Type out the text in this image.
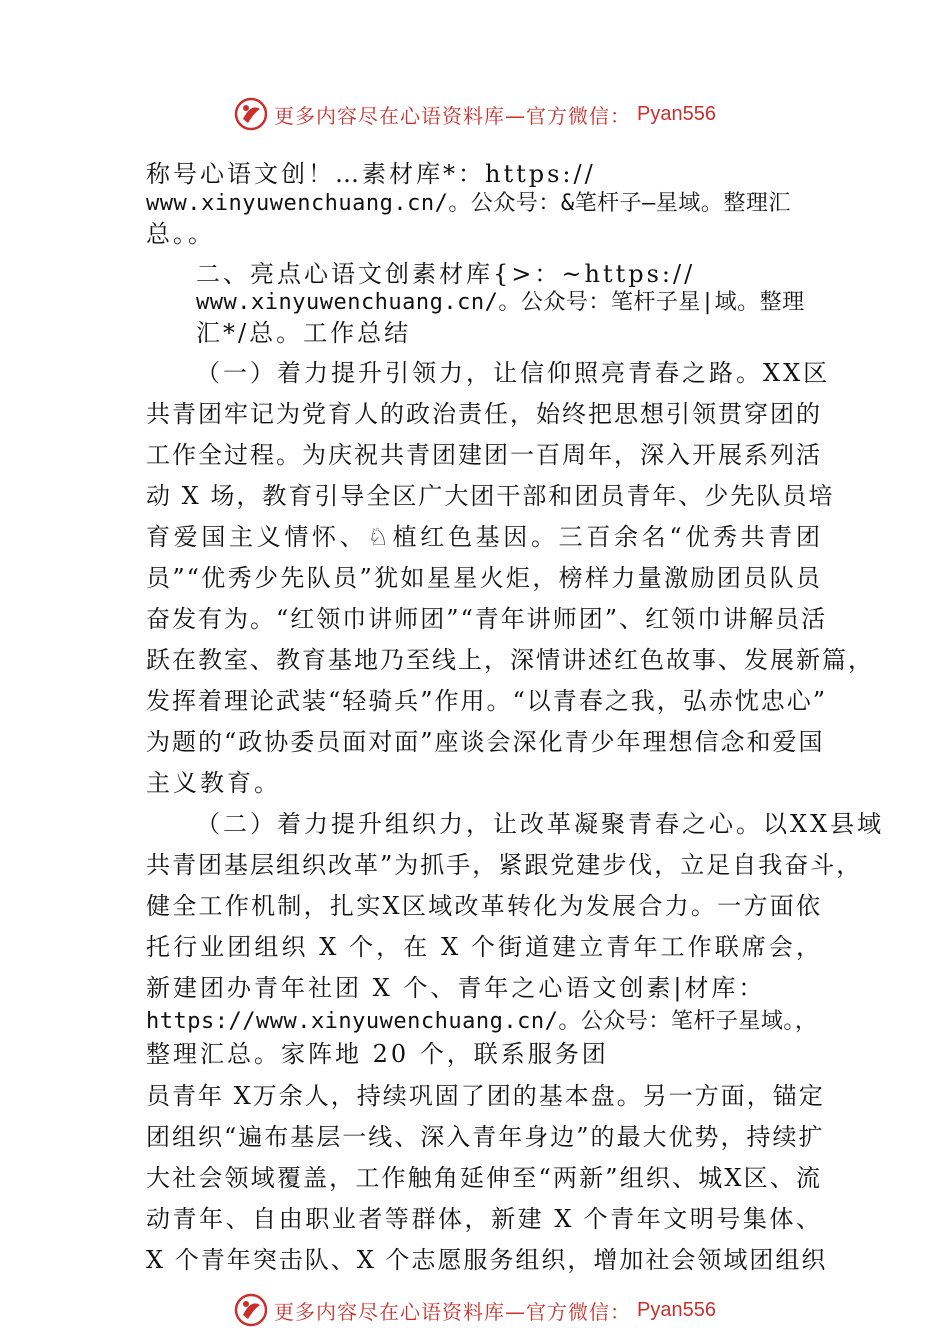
更多内容尽在心语资料库—官方微信： Pyan556
称号心语文创！…素材库*：https://
www.xinyuwenchuang.cn/。公众号：&笔杆子—星域。整理汇
总。。
二、亮点心语文创素材库{>：~https://
www.xinyuwenchuang.cn/。公众号：笔杆子星|域。整理
汇*/总。工作总结
（一）着力提升引领力，让信仰照亮青春之路。XX区
共青团牢记为党育人的政治责任，始终把思想引领贯穿团的
工作全过程。为庆祝共青团建团一百周年，深入开展系列活
动 X 场，教育引导全区广大团干部和团员青年、少先队员培
育爱国主义情怀、♘植红色基因。三百余名“优秀共青团
员”“优秀少先队员”犹如星星火炬，榜样力量激励团员队员
奋发有为。“红领巾讲师团”“青年讲师团”、红领巾讲解员活
跃在教室、教育基地乃至线上，深情讲述红色故事、发展新篇，
发挥着理论武装“轻骑兵”作用。“以青春之我，弘赤忱忠心”
为题的“政协委员面对面”座谈会深化青少年理想信念和爱国
主义教育。
（二）着力提升组织力，让改革凝聚青春之心。以XX县域
共青团基层组织改革”为抓手，紧跟党建步伐，立足自我奋斗，
健全工作机制，扎实X区域改革转化为发展合力。一方面依
托行业团组织 X 个，在 X 个街道建立青年工作联席会，
新建团办青年社团 X 个、青年之心语文创素|材库：
https://www.xinyuwenchuang.cn/。公众号：笔杆子星域。，
整理汇总。家阵地 20 个，联系服务团
员青年 X万余人，持续巩固了团的基本盘。另一方面，锚定
团组织“遍布基层一线、深入青年身边”的最大优势，持续扩
大社会领域覆盖，工作触角延伸至“两新”组织、城X区、流
动青年、自由职业者等群体，新建 X 个青年文明号集体、
X 个青年突击队、X 个志愿服务组织，增加社会领域团组织
更多内容尽在心语资料库—官方微信： Pyan556
